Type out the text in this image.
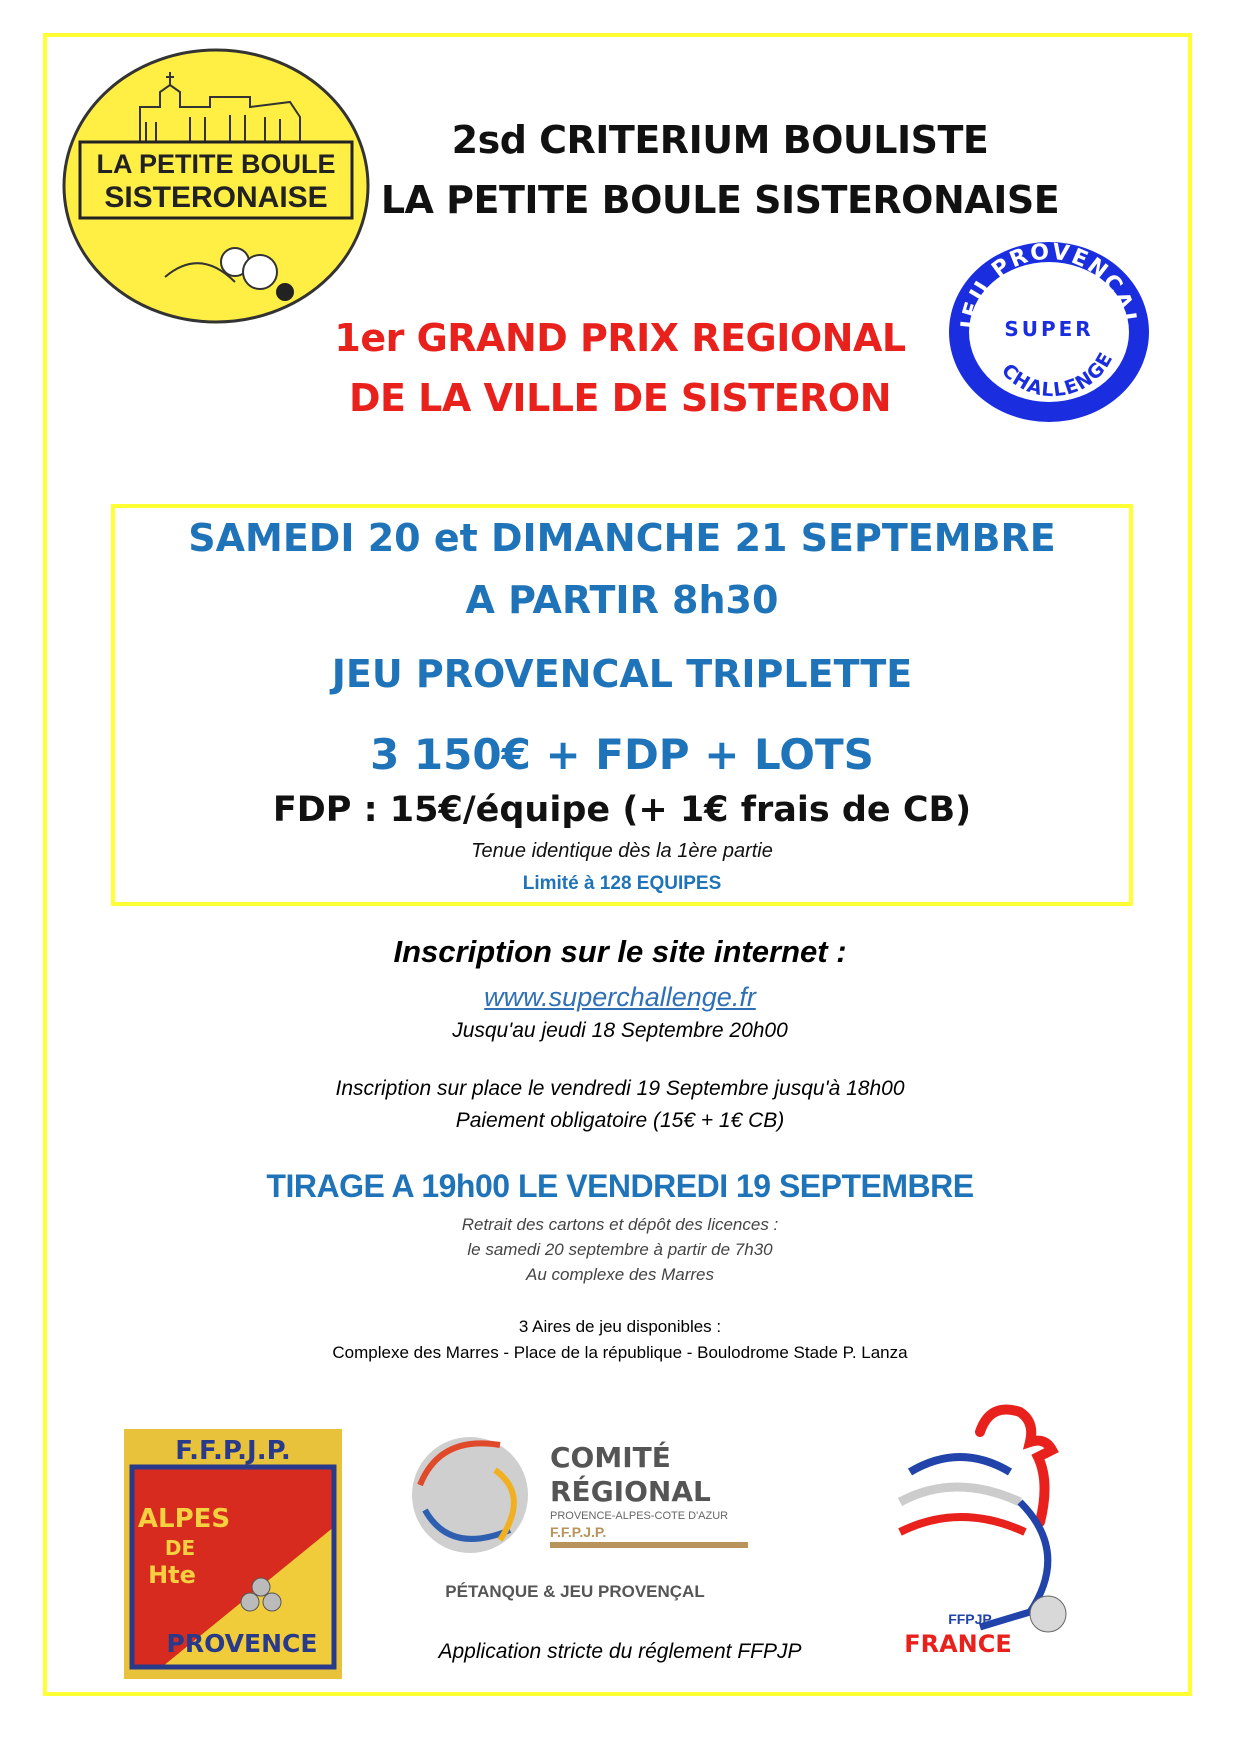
LA PETITE BOULE
SISTERONAISE
2sd CRITERIUM BOULISTE
LA PETITE BOULE SISTERONAISE
JEU PROVENCAL
SUPER
CHALLENGE
1er GRAND PRIX REGIONAL
DE LA VILLE DE SISTERON
SAMEDI 20 et DIMANCHE 21 SEPTEMBRE
A PARTIR 8h30
JEU PROVENCAL TRIPLETTE
3 150€ + FDP + LOTS
FDP : 15€/équipe (+ 1€ frais de CB)
Tenue identique dès la 1ère partie
Limité à 128 EQUIPES
Inscription sur le site internet :
www.superchallenge.fr
Jusqu'au jeudi 18 Septembre 20h00
Inscription sur place le vendredi 19 Septembre jusqu'à 18h00
Paiement obligatoire (15€ + 1€ CB)
TIRAGE A 19h00 LE VENDREDI 19 SEPTEMBRE
Retrait des cartons et dépôt des licences :
le samedi 20 septembre à partir de 7h30
Au complexe des Marres
3 Aires de jeu disponibles :
Complexe des Marres - Place de la république - Boulodrome Stade P. Lanza
F.F.P.J.P.
ALPES
DE
Hte
PROVENCE
COMITÉ
RÉGIONAL
PROVENCE-ALPES-COTE D'AZUR
F.F.P.J.P.
PÉTANQUE & JEU PROVENÇAL
FFPJP
FRANCE
Application stricte du réglement FFPJP
